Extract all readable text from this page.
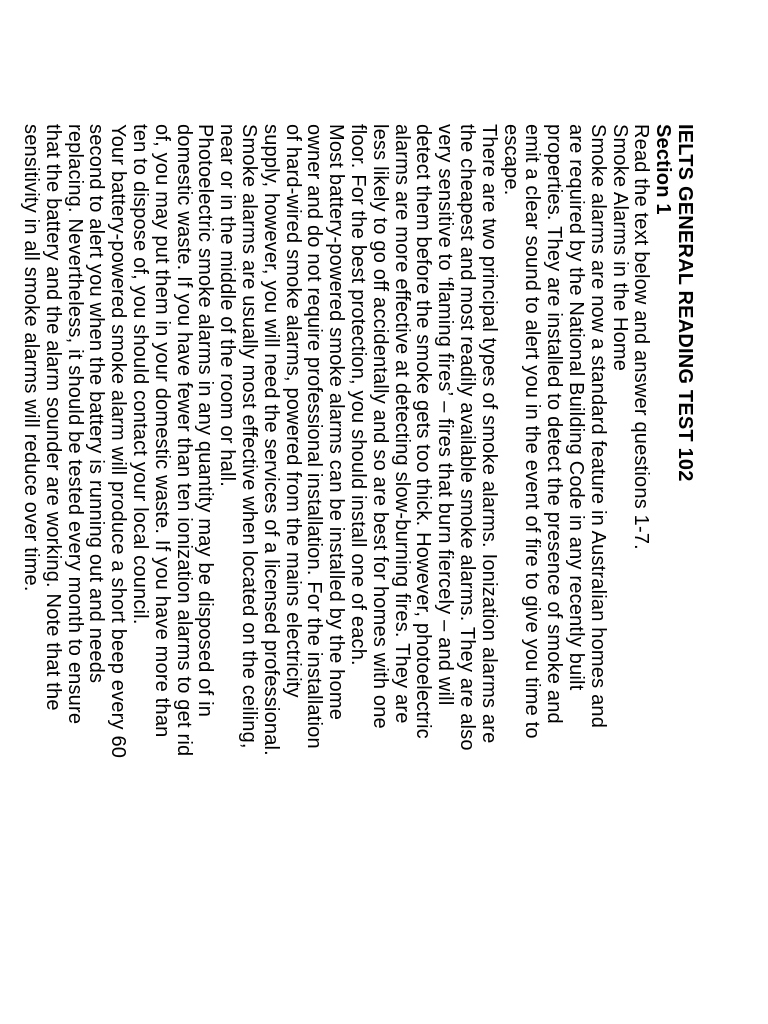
IELTS GENERAL READING TEST 102
Section 1
Read the text below and answer questions 1-7.
Smoke Alarms in the Home
Smoke alarms are now a standard feature in Australian homes and
are required by the National Building Code in any recently built
properties. They are installed to detect the presence of smoke and
emit a clear sound to alert you in the event of fire to give you time to
escape.
There are two principal types of smoke alarms. Ionization alarms are
the cheapest and most readily available smoke alarms. They are also
very sensitive to ‘flaming fires’ – fires that burn fiercely – and will
detect them before the smoke gets too thick. However, photoelectric
alarms are more effective at detecting slow-burning fires. They are
less likely to go off accidentally and so are best for homes with one
floor. For the best protection, you should install one of each.
Most battery-powered smoke alarms can be installed by the home
owner and do not require professional installation. For the installation
of hard-wired smoke alarms, powered from the mains electricity
supply, however, you will need the services of a licensed professional.
Smoke alarms are usually most effective when located on the ceiling,
near or in the middle of the room or hall.
Photoelectric smoke alarms in any quantity may be disposed of in
domestic waste. If you have fewer than ten ionization alarms to get rid
of, you may put them in your domestic waste. If you have more than
ten to dispose of, you should contact your local council.
Your battery-powered smoke alarm will produce a short beep every 60
second to alert you when the battery is running out and needs
replacing. Nevertheless, it should be tested every month to ensure
that the battery and the alarm sounder are working. Note that the
sensitivity in all smoke alarms will reduce over time.
